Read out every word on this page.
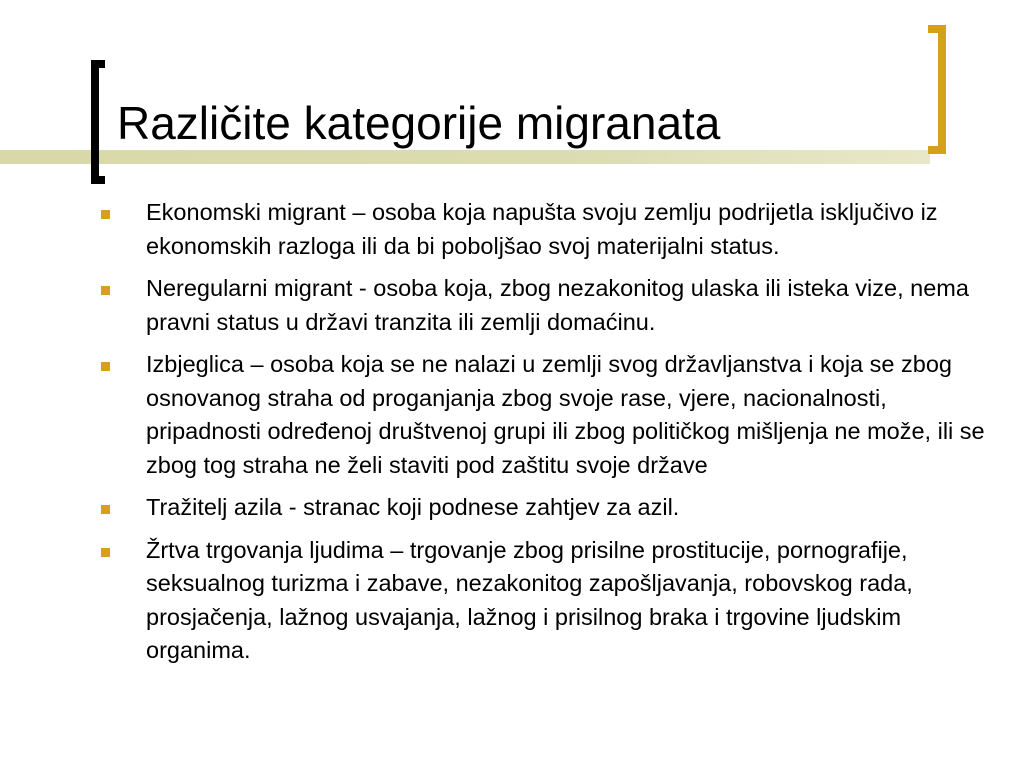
Različite kategorije migranata
Ekonomski migrant – osoba koja napušta svoju zemlju podrijetla isključivo iz ekonomskih razloga ili da bi poboljšao svoj materijalni status.
Neregularni migrant - osoba koja, zbog nezakonitog ulaska ili isteka vize, nema pravni status u državi tranzita ili zemlji domaćinu.
Izbjeglica – osoba koja se ne nalazi u zemlji svog državljanstva i koja se zbog osnovanog straha od proganjanja zbog svoje rase, vjere, nacionalnosti, pripadnosti određenoj društvenoj grupi ili zbog političkog mišljenja ne može, ili se zbog tog straha ne želi staviti pod zaštitu svoje države
Tražitelj azila - stranac koji podnese zahtjev za azil.
Žrtva trgovanja ljudima – trgovanje zbog prisilne prostitucije, pornografije, seksualnog turizma i zabave, nezakonitog zapošljavanja, robovskog rada, prosjačenja, lažnog usvajanja, lažnog i prisilnog braka i trgovine ljudskim organima.
